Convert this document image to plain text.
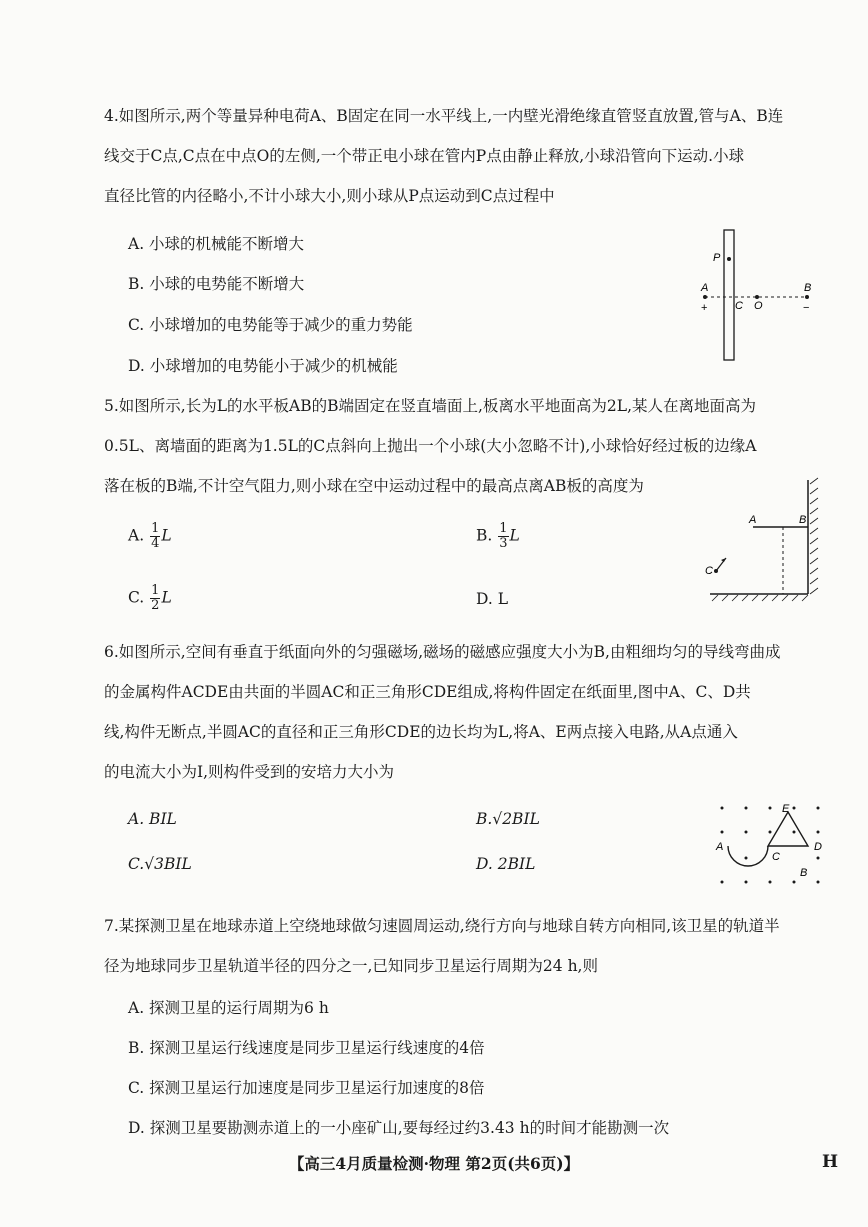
4.如图所示,两个等量异种电荷A、B固定在同一水平线上,一内壁光滑绝缘直管竖直放置,管与A、B连

线交于C点,C点在中点O的左侧,一个带正电小球在管内P点由静止释放,小球沿管向下运动.小球

直径比管的内径略小,不计小球大小,则小球从P点运动到C点过程中

A. 小球的机械能不断增大
B. 小球的电势能不断增大
C. 小球增加的电势能等于减少的重力势能
D. 小球增加的电势能小于减少的机械能
P
A
+	C O
B
−

5.如图所示,长为L的水平板AB的B端固定在竖直墙面上,板离水平地面高为2L,某人在离地面高为

0.5L、离墙面的距离为1.5L的C点斜向上抛出一个小球(大小忽略不计),小球恰好经过板的边缘A

落在板的B端,不计空气阻力,则小球在空中运动过程中的最高点离AB板的高度为

A. $\frac{1}{4}$ L	B. $\frac{1}{3}$ L
C. $\frac{1}{2}$ L	D. L
A	B
C

6.如图所示,空间有垂直于纸面向外的匀强磁场,磁场的磁感应强度大小为B,由粗细均匀的导线弯曲成

的金属构件ACDE由共面的半圆AC和正三角形CDE组成,将构件固定在纸面里,图中A、C、D共

线,构件无断点,半圆AC的直径和正三角形CDE的边长均为L,将A、E两点接入电路,从A点通入

的电流大小为I,则构件受到的安培力大小为

A. BIL	B.√2BIL
C.√3BIL	D. 2BIL
E
A
C
D
B

7.某探测卫星在地球赤道上空绕地球做匀速圆周运动,绕行方向与地球自转方向相同,该卫星的轨道半

径为地球同步卫星轨道半径的四分之一,已知同步卫星运行周期为24 h,则

A. 探测卫星的运行周期为6 h
B. 探测卫星运行线速度是同步卫星运行线速度的4倍
C. 探测卫星运行加速度是同步卫星运行加速度的8倍
D. 探测卫星要勘测赤道上的一小座矿山,要每经过约3.43 h的时间才能勘测一次
【高三4月质量检测·物理 第2页(共6页)】	H
